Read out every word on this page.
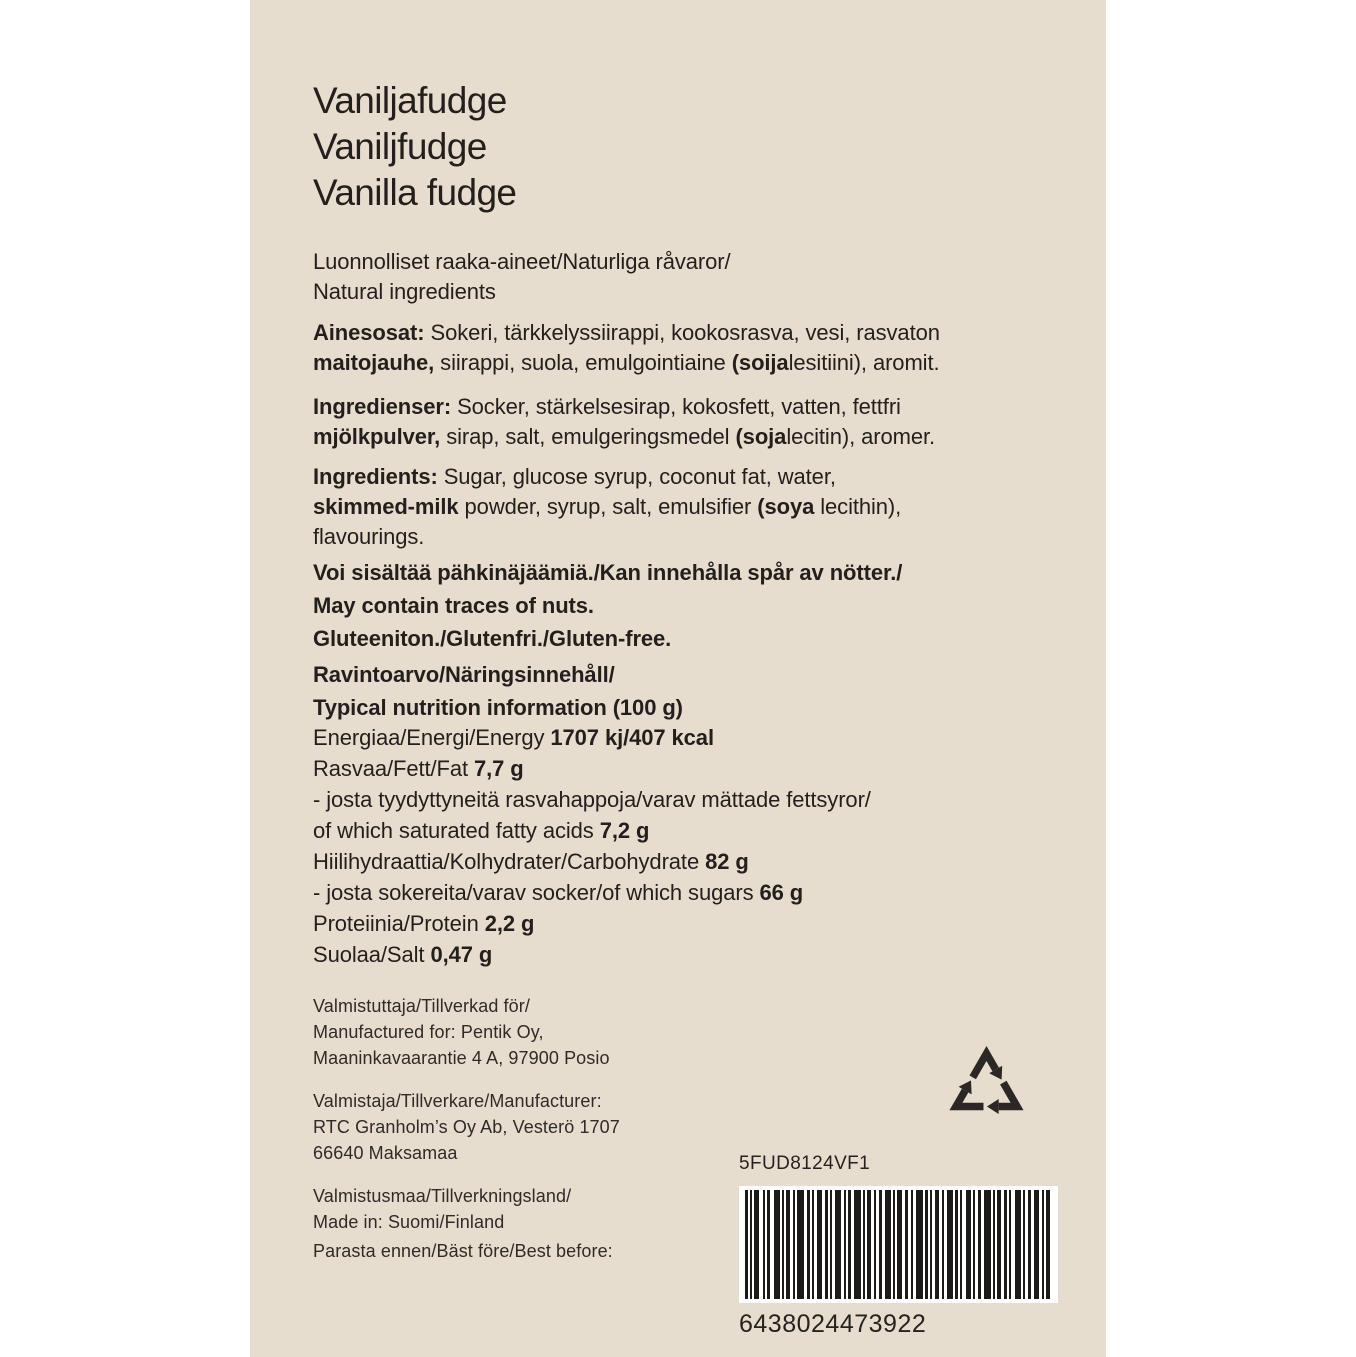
Vaniljafudge
Vaniljfudge
Vanilla fudge
Luonnolliset raaka-aineet/Naturliga råvaror/
Natural ingredients
Ainesosat: Sokeri, tärkkelyssiirappi, kookosrasva, vesi, rasvaton
maitojauhe, siirappi, suola, emulgointiaine (soijalesitiini), aromit.
Ingredienser: Socker, stärkelsesirap, kokosfett, vatten, fettfri
mjölkpulver, sirap, salt, emulgeringsmedel (sojalecitin), aromer.
Ingredients: Sugar, glucose syrup, coconut fat, water,
skimmed-milk powder, syrup, salt, emulsifier (soya lecithin),
flavourings.
Voi sisältää pähkinäjäämiä./Kan innehålla spår av nötter./
May contain traces of nuts.
Gluteeniton./Glutenfri./Gluten-free.
Ravintoarvo/Näringsinnehåll/
Typical nutrition information (100 g)
Energiaa/Energi/Energy 1707 kj/407 kcal
Rasvaa/Fett/Fat 7,7 g
- josta tyydyttyneitä rasvahappoja/varav mättade fettsyror/
of which saturated fatty acids 7,2 g
Hiilihydraattia/Kolhydrater/Carbohydrate 82 g
- josta sokereita/varav socker/of which sugars 66 g
Proteiinia/Protein 2,2 g
Suolaa/Salt 0,47 g
Valmistuttaja/Tillverkad för/
Manufactured for: Pentik Oy,
Maaninkavaarantie 4 A, 97900 Posio
Valmistaja/Tillverkare/Manufacturer:
RTC Granholm’s Oy Ab, Vesterö 1707
66640 Maksamaa
Valmistusmaa/Tillverkningsland/
Made in: Suomi/Finland
Parasta ennen/Bäst före/Best before:
5FUD8124VF1
6438024473922
